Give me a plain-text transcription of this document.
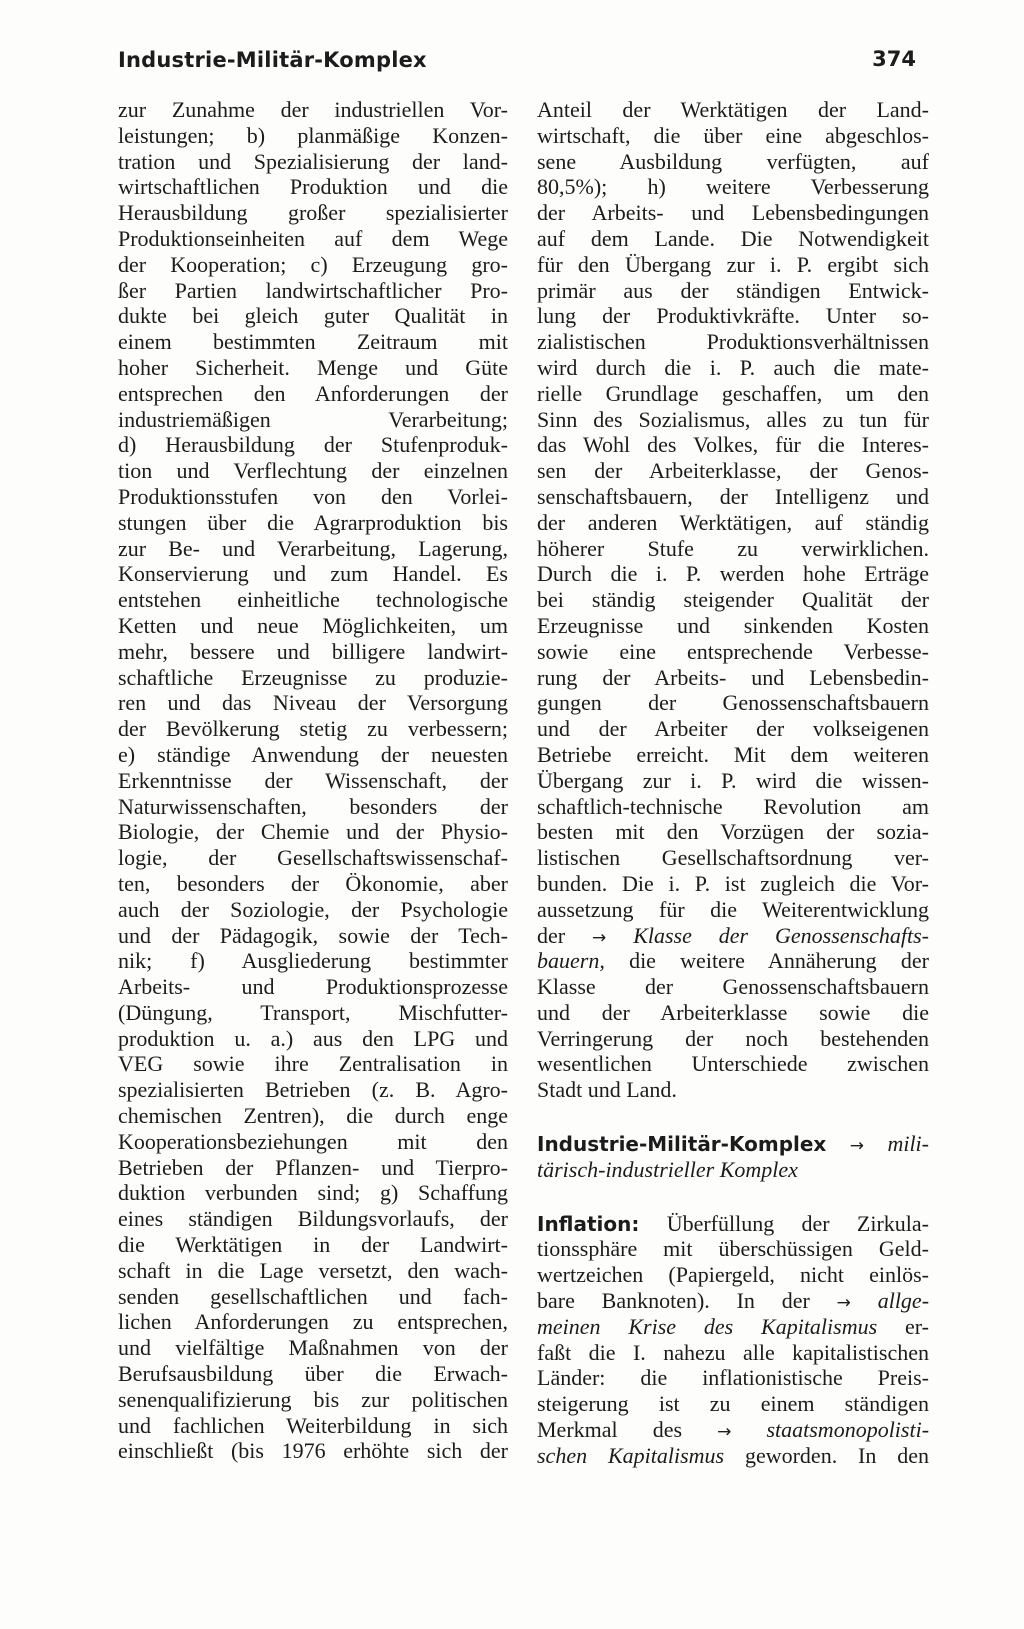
Industrie-Militär-Komplex	374
zur Zunahme der industriellen Vor-
leistungen; b) planmäßige Konzen-
tration und Spezialisierung der land-
wirtschaftlichen Produktion und die
Herausbildung großer spezialisierter
Produktionseinheiten auf dem Wege
der Kooperation; c) Erzeugung gro-
ßer Partien landwirtschaftlicher Pro-
dukte bei gleich guter Qualität in
einem bestimmten Zeitraum mit
hoher Sicherheit. Menge und Güte
entsprechen den Anforderungen der
industriemäßigen Verarbeitung;
d) Herausbildung der Stufenproduk-
tion und Verflechtung der einzelnen
Produktionsstufen von den Vorlei-
stungen über die Agrarproduktion bis
zur Be- und Verarbeitung, Lagerung,
Konservierung und zum Handel. Es
entstehen einheitliche technologische
Ketten und neue Möglichkeiten, um
mehr, bessere und billigere landwirt-
schaftliche Erzeugnisse zu produzie-
ren und das Niveau der Versorgung
der Bevölkerung stetig zu verbessern;
e) ständige Anwendung der neuesten
Erkenntnisse der Wissenschaft, der
Naturwissenschaften, besonders der
Biologie, der Chemie und der Physio-
logie, der Gesellschaftswissenschaf-
ten, besonders der Ökonomie, aber
auch der Soziologie, der Psychologie
und der Pädagogik, sowie der Tech-
nik; f) Ausgliederung bestimmter
Arbeits- und Produktionsprozesse
(Düngung, Transport, Mischfutter-
produktion u. a.) aus den LPG und
VEG sowie ihre Zentralisation in
spezialisierten Betrieben (z. B. Agro-
chemischen Zentren), die durch enge
Kooperationsbeziehungen mit den
Betrieben der Pflanzen- und Tierpro-
duktion verbunden sind; g) Schaffung
eines ständigen Bildungsvorlaufs, der
die Werktätigen in der Landwirt-
schaft in die Lage versetzt, den wach-
senden gesellschaftlichen und fach-
lichen Anforderungen zu entsprechen,
und vielfältige Maßnahmen von der
Berufsausbildung über die Erwach-
senenqualifizierung bis zur politischen
und fachlichen Weiterbildung in sich
einschließt (bis 1976 erhöhte sich der
Anteil der Werktätigen der Land-
wirtschaft, die über eine abgeschlos-
sene Ausbildung verfügten, auf
80,5%); h) weitere Verbesserung
der Arbeits- und Lebensbedingungen
auf dem Lande. Die Notwendigkeit
für den Übergang zur i. P. ergibt sich
primär aus der ständigen Entwick-
lung der Produktivkräfte. Unter so-
zialistischen Produktionsverhältnissen
wird durch die i. P. auch die mate-
rielle Grundlage geschaffen, um den
Sinn des Sozialismus, alles zu tun für
das Wohl des Volkes, für die Interes-
sen der Arbeiterklasse, der Genos-
senschaftsbauern, der Intelligenz und
der anderen Werktätigen, auf ständig
höherer Stufe zu verwirklichen.
Durch die i. P. werden hohe Erträge
bei ständig steigender Qualität der
Erzeugnisse und sinkenden Kosten
sowie eine entsprechende Verbesse-
rung der Arbeits- und Lebensbedin-
gungen der Genossenschaftsbauern
und der Arbeiter der volkseigenen
Betriebe erreicht. Mit dem weiteren
Übergang zur i. P. wird die wissen-
schaftlich-technische Revolution am
besten mit den Vorzügen der sozia-
listischen Gesellschaftsordnung ver-
bunden. Die i. P. ist zugleich die Vor-
aussetzung für die Weiterentwicklung
der → Klasse der Genossenschafts-
bauern, die weitere Annäherung der
Klasse der Genossenschaftsbauern
und der Arbeiterklasse sowie die
Verringerung der noch bestehenden
wesentlichen Unterschiede zwischen
Stadt und Land.
Industrie-Militär-Komplex → mili-
tärisch-industrieller Komplex
Inflation: Überfüllung der Zirkula-
tionssphäre mit überschüssigen Geld-
wertzeichen (Papiergeld, nicht einlös-
bare Banknoten). In der → allge-
meinen Krise des Kapitalismus er-
faßt die I. nahezu alle kapitalistischen
Länder: die inflationistische Preis-
steigerung ist zu einem ständigen
Merkmal des → staatsmonopolisti-
schen Kapitalismus geworden. In den
